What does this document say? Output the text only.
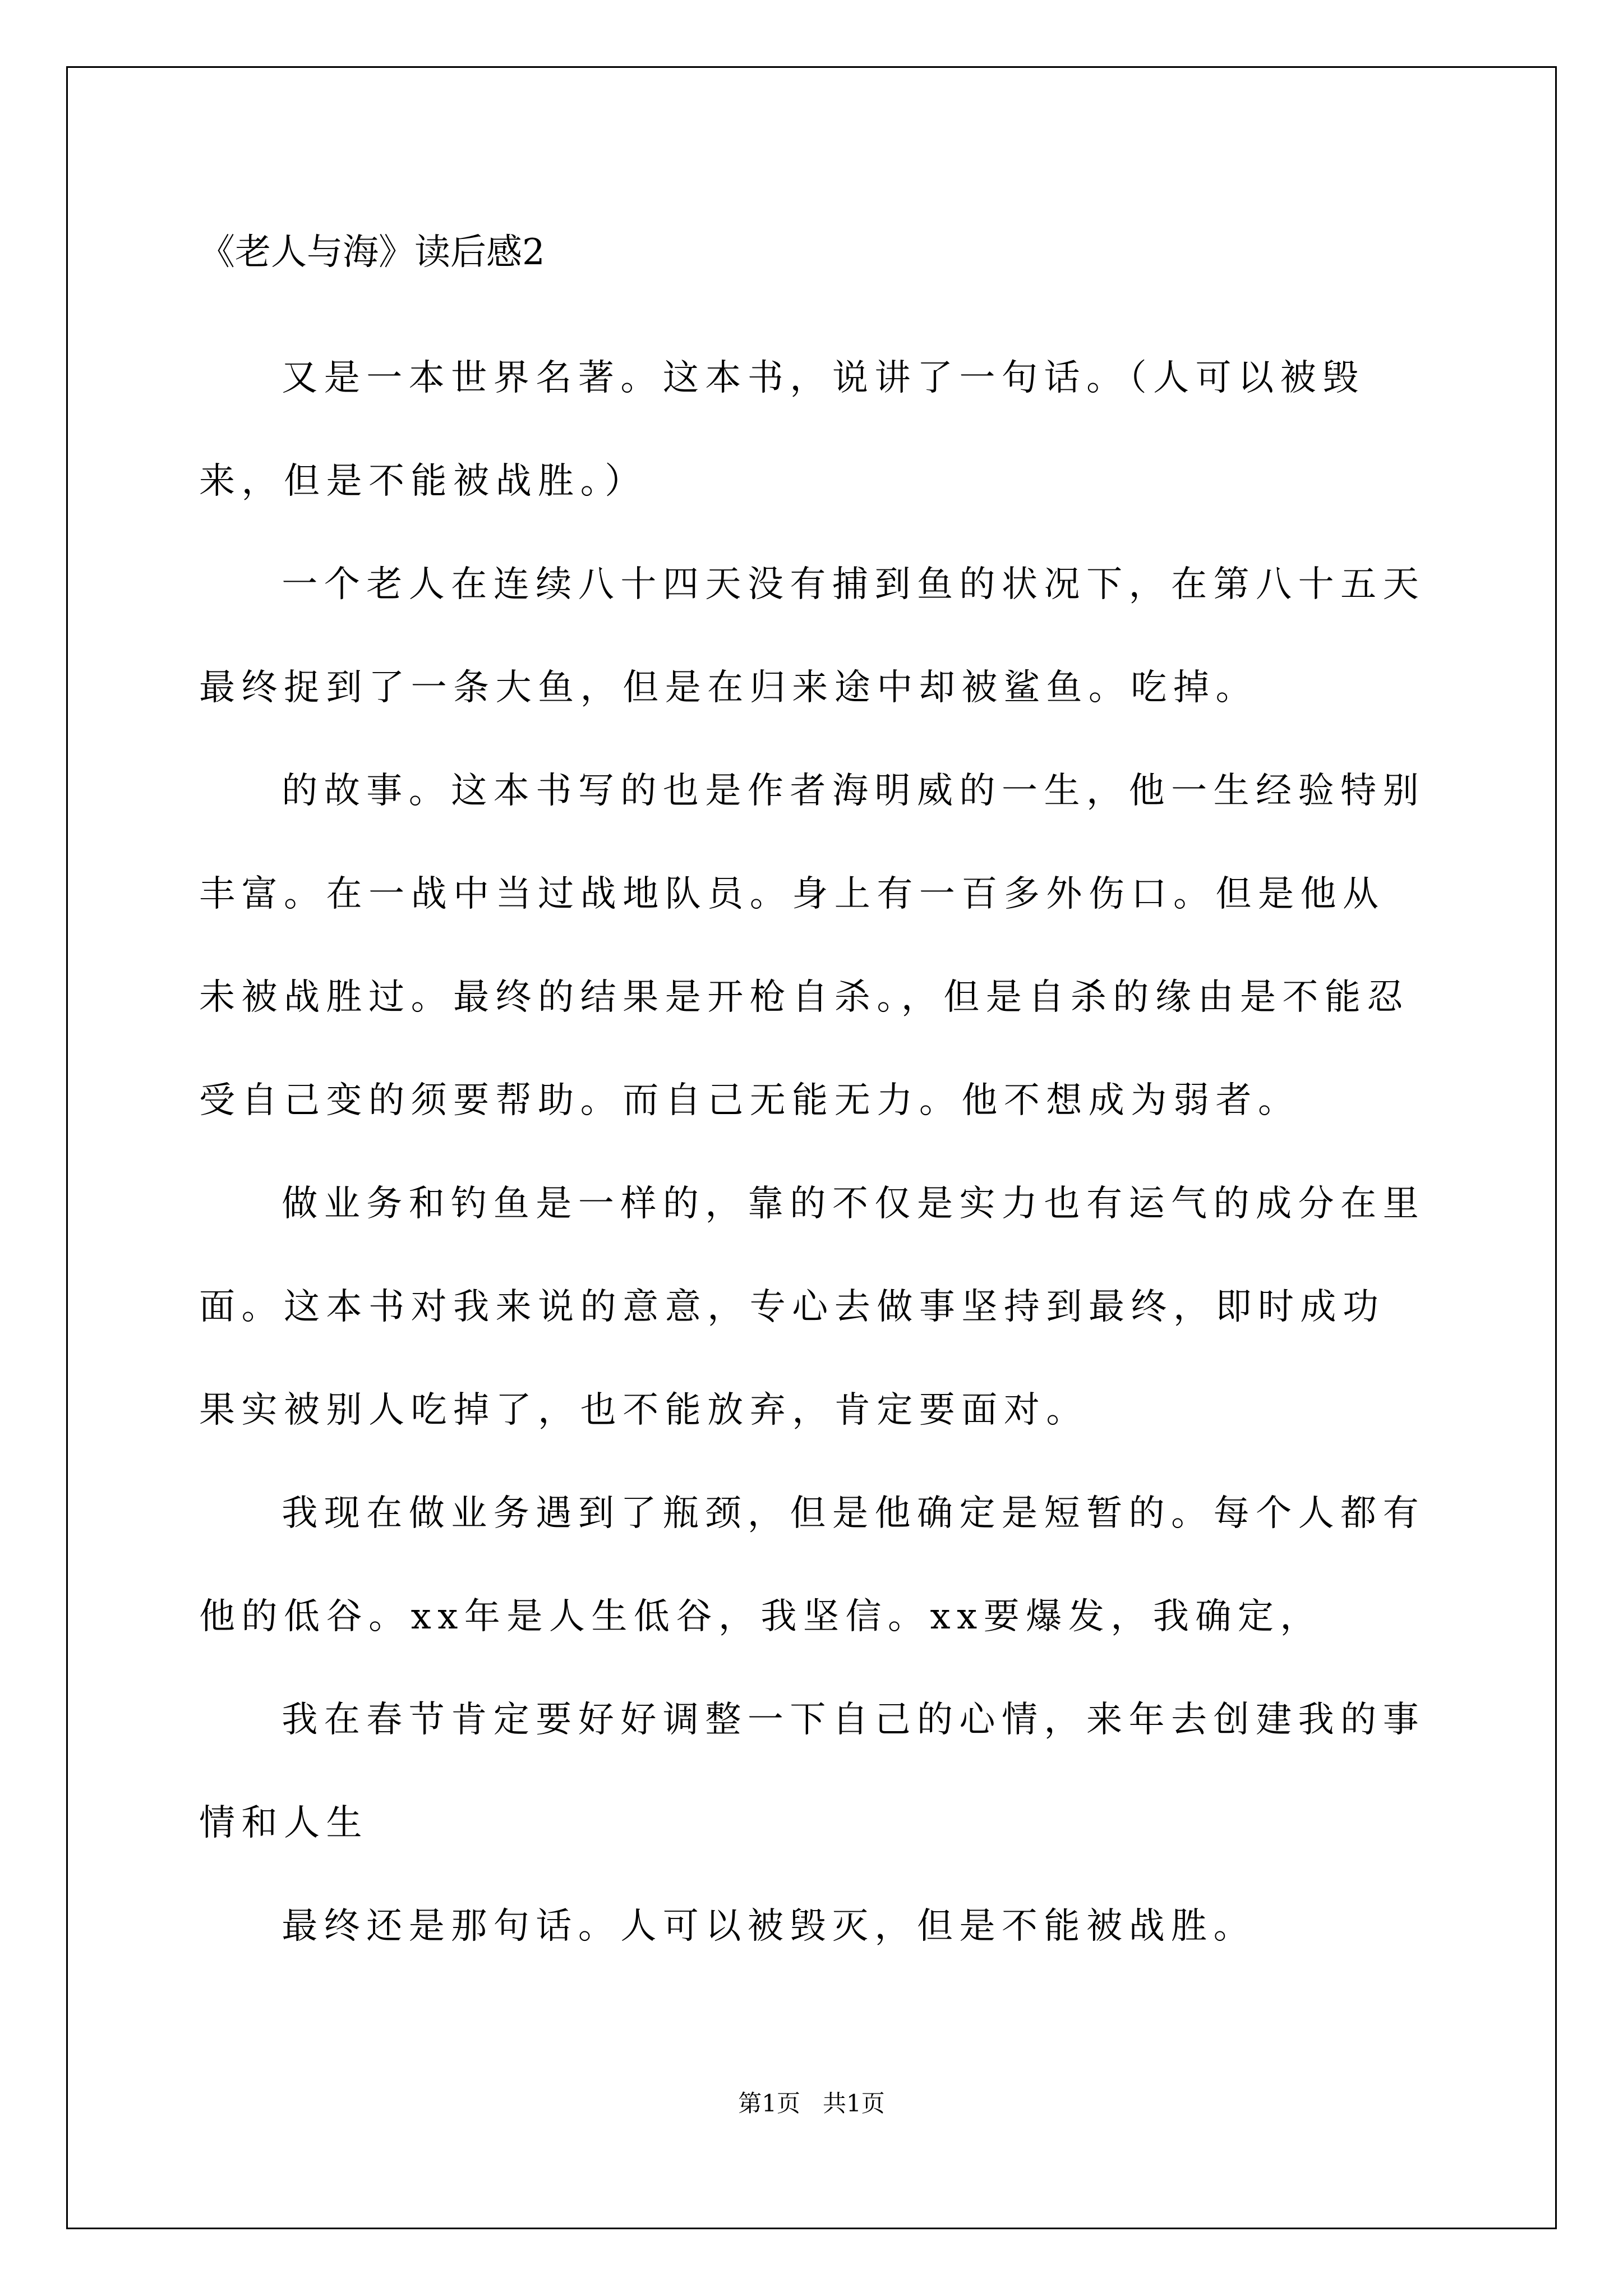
《老人与海》读后感2

又是一本世界名著。这本书，说讲了一句话。（人可以被毁来，但是不能被战胜。）

一个老人在连续八十四天没有捕到鱼的状况下，在第八十五天最终捉到了一条大鱼，但是在归来途中却被鲨鱼。吃掉。

的故事。这本书写的也是作者海明威的一生，他一生经验特别丰富。在一战中当过战地队员。身上有一百多外伤口。但是他从未被战胜过。最终的结果是开枪自杀。，但是自杀的缘由是不能忍受自己变的须要帮助。而自己无能无力。他不想成为弱者。

做业务和钓鱼是一样的，靠的不仅是实力也有运气的成分在里面。这本书对我来说的意意，专心去做事坚持到最终，即时成功果实被别人吃掉了，也不能放弃，肯定要面对。

我现在做业务遇到了瓶颈，但是他确定是短暂的。每个人都有他的低谷。xx年是人生低谷，我坚信。xx要爆发，我确定，

我在春节肯定要好好调整一下自己的心情，来年去创建我的事情和人生

最终还是那句话。人可以被毁灭，但是不能被战胜。

第1页   共1页
